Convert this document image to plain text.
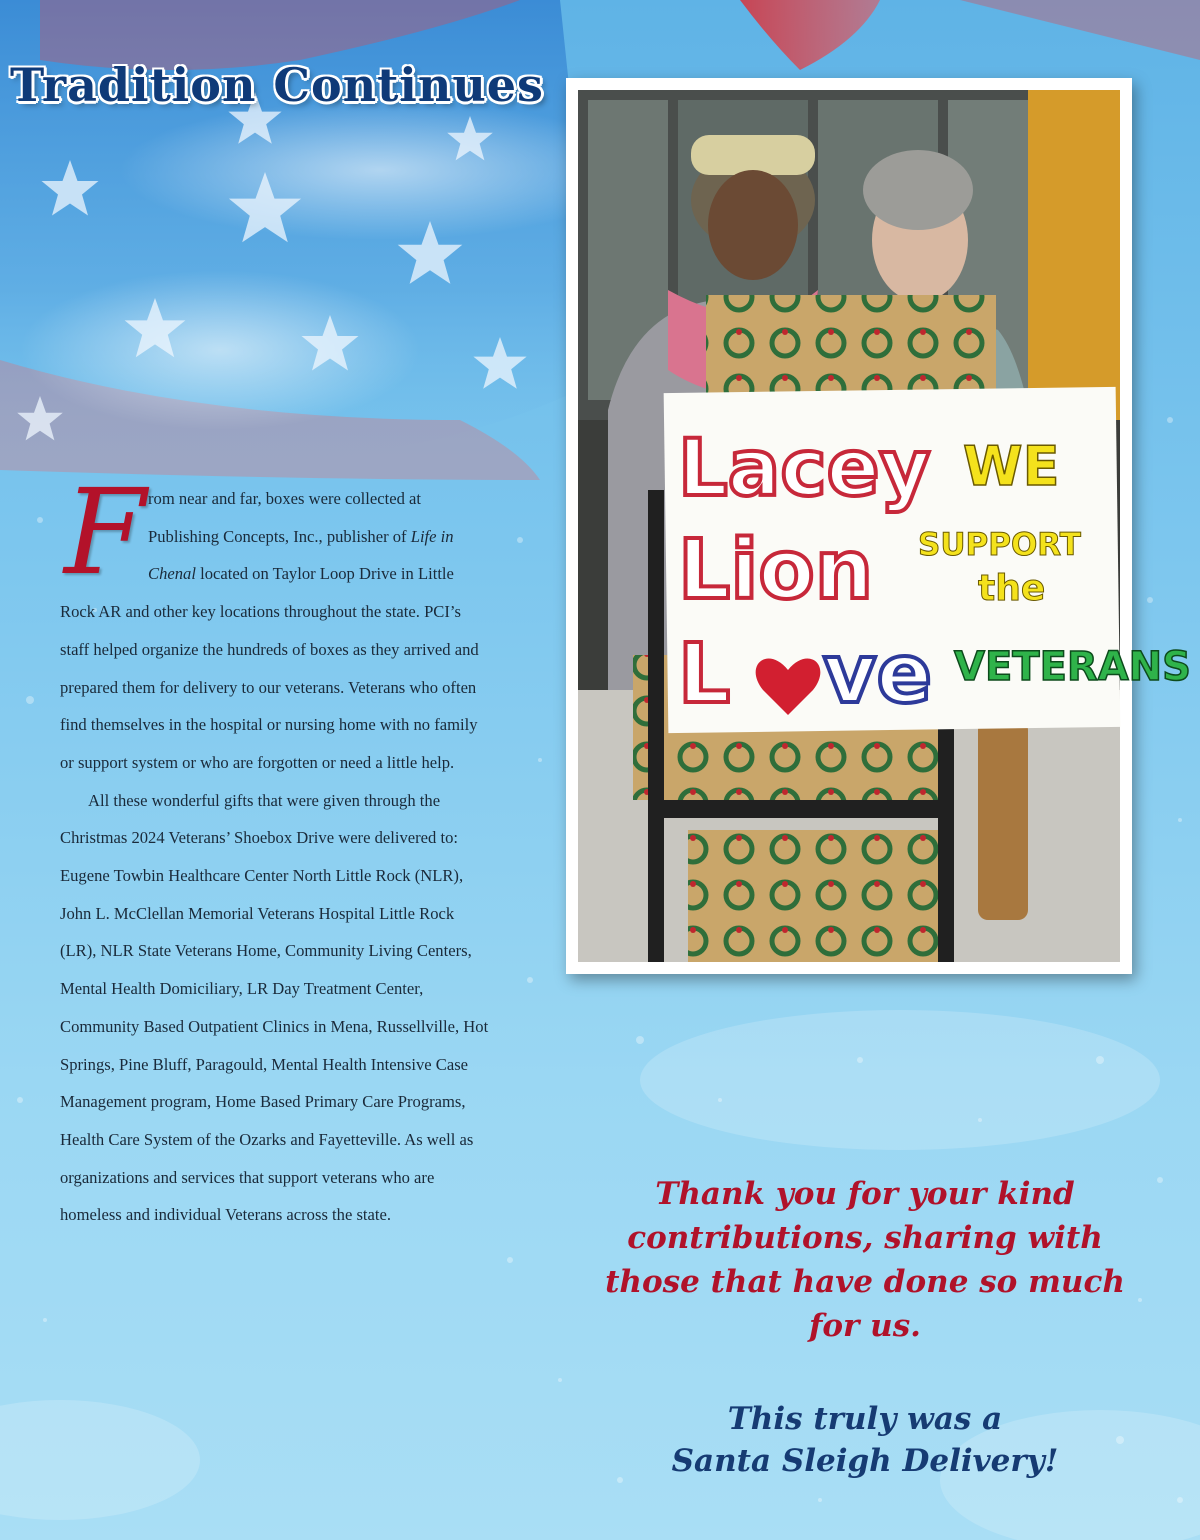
Tradition Continues

From near and far, boxes were collected at Publishing Concepts, Inc., publisher of Life in Chenal located on Taylor Loop Drive in Little Rock AR and other key locations throughout the state. PCI’s staff helped organize the hundreds of boxes as they arrived and prepared them for delivery to our veterans. Veterans who often find themselves in the hospital or nursing home with no family or support system or who are forgotten or need a little help.

All these wonderful gifts that were given through the Christmas 2024 Veterans’ Shoebox Drive were delivered to: Eugene Towbin Healthcare Center North Little Rock (NLR), John L. McClellan Memorial Veterans Hospital Little Rock (LR), NLR State Veterans Home, Community Living Centers, Mental Health Domiciliary, LR Day Treatment Center, Community Based Outpatient Clinics in Mena, Russellville, Hot Springs, Pine Bluff, Paragould, Mental Health Intensive Case Management program, Home Based Primary Care Programs, Health Care System of the Ozarks and Fayetteville. As well as organizations and services that support veterans who are homeless and individual Veterans across the state.

Lacey
Lion
L ve
WE
SUPPORT
the
VETERANS

Thank you for your kind contributions, sharing with those that have done so much for us.

This truly was a
Santa Sleigh Delivery!
